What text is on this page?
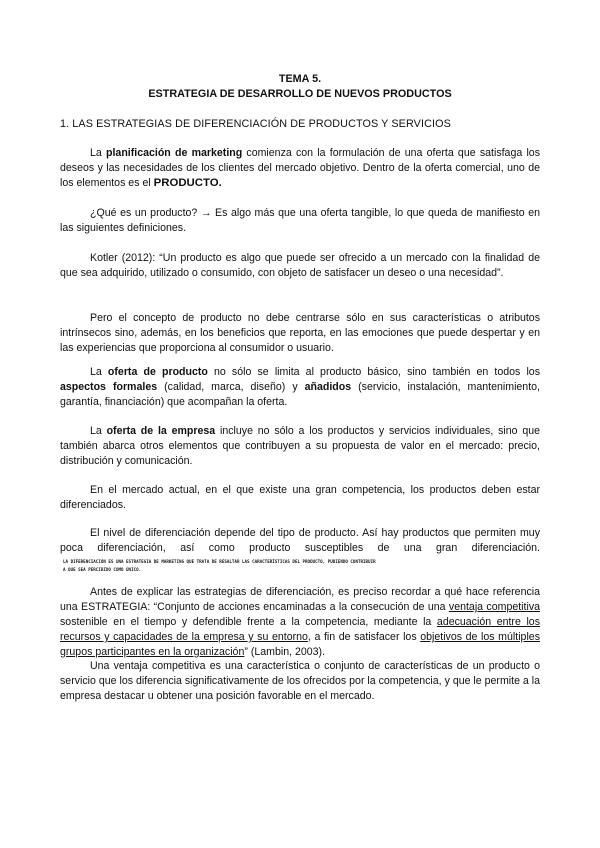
TEMA 5.
ESTRATEGIA DE DESARROLLO DE NUEVOS PRODUCTOS
1. LAS ESTRATEGIAS DE DIFERENCIACIÓN DE PRODUCTOS Y SERVICIOS

La planificación de marketing comienza con la formulación de una oferta que satisfaga los deseos y las necesidades de los clientes del mercado objetivo. Dentro de la oferta comercial, uno de los elementos es el PRODUCTO.

¿Qué es un producto? → Es algo más que una oferta tangible, lo que queda de manifiesto en las siguientes definiciones.

Kotler (2012): “Un producto es algo que puede ser ofrecido a un mercado con la finalidad de que sea adquirido, utilizado o consumido, con objeto de satisfacer un deseo o una necesidad”.

Pero el concepto de producto no debe centrarse sólo en sus características o atributos intrínsecos sino, además, en los beneficios que reporta, en las emociones que puede despertar y en las experiencias que proporciona al consumidor o usuario.

La oferta de producto no sólo se limita al producto básico, sino también en todos los aspectos formales (calidad, marca, diseño) y añadidos (servicio, instalación, mantenimiento, garantía, financiación) que acompañan la oferta.

La oferta de la empresa incluye no sólo a los productos y servicios individuales, sino que también abarca otros elementos que contribuyen a su propuesta de valor en el mercado: precio, distribución y comunicación.

En el mercado actual, en el que existe una gran competencia, los productos deben estar diferenciados.

El nivel de diferenciación depende del tipo de producto. Así hay productos que permiten muy poca diferenciación, así como producto susceptibles de una gran diferenciación.
LA DIFERENCIACIÓN ES UNA ESTRATEGIA DE MARKETING QUE TRATA DE RESALTAR LAS CARACTERÍSTICAS DEL PRODUCTO, PUDIENDO CONTRIBUIR
A QUE SEA PERCIBIDO COMO ÚNICO.

Antes de explicar las estrategias de diferenciación, es preciso recordar a qué hace referencia una ESTRATEGIA: “Conjunto de acciones encaminadas a la consecución de una ventaja competitiva sostenible en el tiempo y defendible frente a la competencia, mediante la adecuación entre los recursos y capacidades de la empresa y su entorno, a fin de satisfacer los objetivos de los múltiples grupos participantes en la organización” (Lambin, 2003).

Una ventaja competitiva es una característica o conjunto de características de un producto o servicio que los diferencia significativamente de los ofrecidos por la competencia, y que le permite a la empresa destacar u obtener una posición favorable en el mercado.
